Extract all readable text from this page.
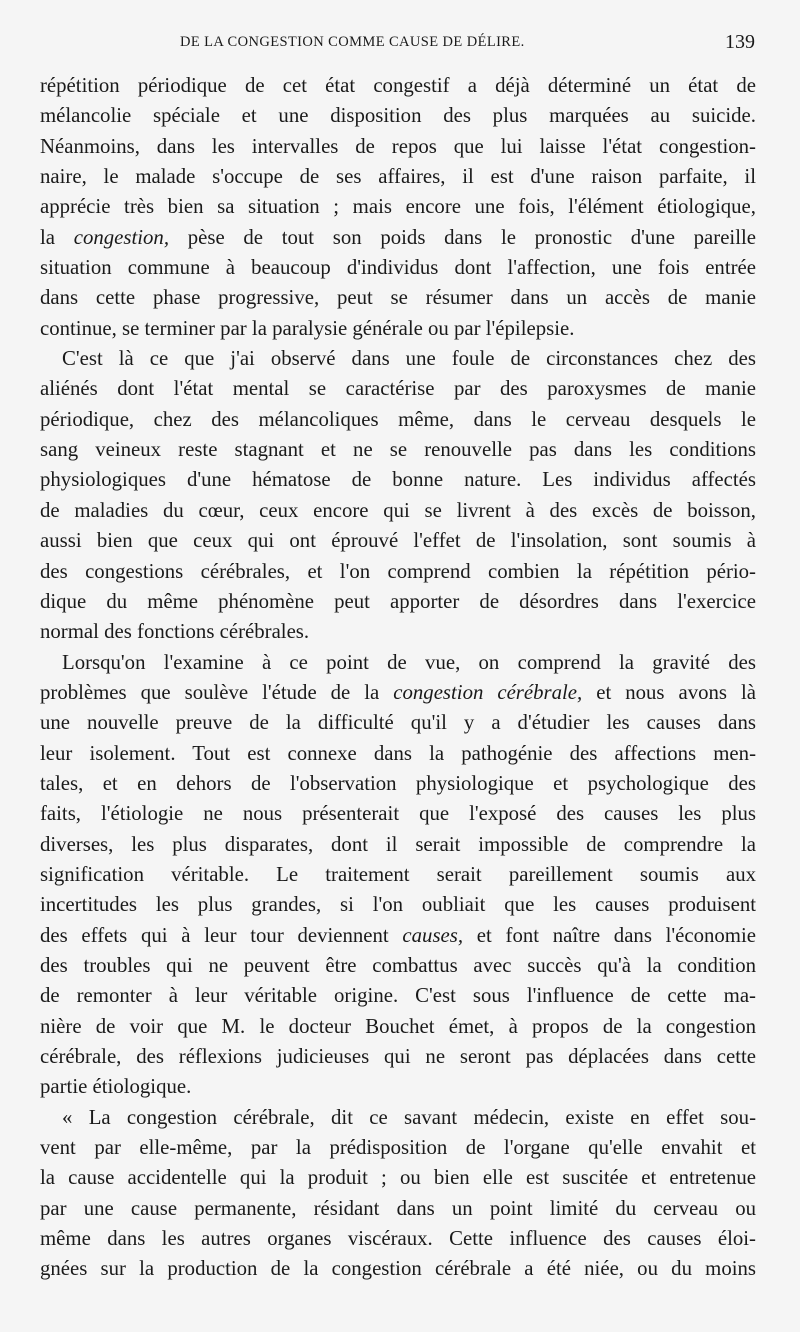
DE LA CONGESTION COMME CAUSE DE DÉLIRE.	139
répétition périodique de cet état congestif a déjà déterminé un état de
mélancolie spéciale et une disposition des plus marquées au suicide.
Néanmoins, dans les intervalles de repos que lui laisse l'état congestion-
naire, le malade s'occupe de ses affaires, il est d'une raison parfaite, il
apprécie très bien sa situation ; mais encore une fois, l'élément étiologique,
la congestion, pèse de tout son poids dans le pronostic d'une pareille
situation commune à beaucoup d'individus dont l'affection, une fois entrée
dans cette phase progressive, peut se résumer dans un accès de manie
continue, se terminer par la paralysie générale ou par l'épilepsie.
C'est là ce que j'ai observé dans une foule de circonstances chez des
aliénés dont l'état mental se caractérise par des paroxysmes de manie
périodique, chez des mélancoliques même, dans le cerveau desquels le
sang veineux reste stagnant et ne se renouvelle pas dans les conditions
physiologiques d'une hématose de bonne nature. Les individus affectés
de maladies du cœur, ceux encore qui se livrent à des excès de boisson,
aussi bien que ceux qui ont éprouvé l'effet de l'insolation, sont soumis à
des congestions cérébrales, et l'on comprend combien la répétition pério-
dique du même phénomène peut apporter de désordres dans l'exercice
normal des fonctions cérébrales.
Lorsqu'on l'examine à ce point de vue, on comprend la gravité des
problèmes que soulève l'étude de la congestion cérébrale, et nous avons là
une nouvelle preuve de la difficulté qu'il y a d'étudier les causes dans
leur isolement. Tout est connexe dans la pathogénie des affections men-
tales, et en dehors de l'observation physiologique et psychologique des
faits, l'étiologie ne nous présenterait que l'exposé des causes les plus
diverses, les plus disparates, dont il serait impossible de comprendre la
signification véritable. Le traitement serait pareillement soumis aux
incertitudes les plus grandes, si l'on oubliait que les causes produisent
des effets qui à leur tour deviennent causes, et font naître dans l'économie
des troubles qui ne peuvent être combattus avec succès qu'à la condition
de remonter à leur véritable origine. C'est sous l'influence de cette ma-
nière de voir que M. le docteur Bouchet émet, à propos de la congestion
cérébrale, des réflexions judicieuses qui ne seront pas déplacées dans cette
partie étiologique.
« La congestion cérébrale, dit ce savant médecin, existe en effet sou-
vent par elle-même, par la prédisposition de l'organe qu'elle envahit et
la cause accidentelle qui la produit ; ou bien elle est suscitée et entretenue
par une cause permanente, résidant dans un point limité du cerveau ou
même dans les autres organes viscéraux. Cette influence des causes éloi-
gnées sur la production de la congestion cérébrale a été niée, ou du moins
